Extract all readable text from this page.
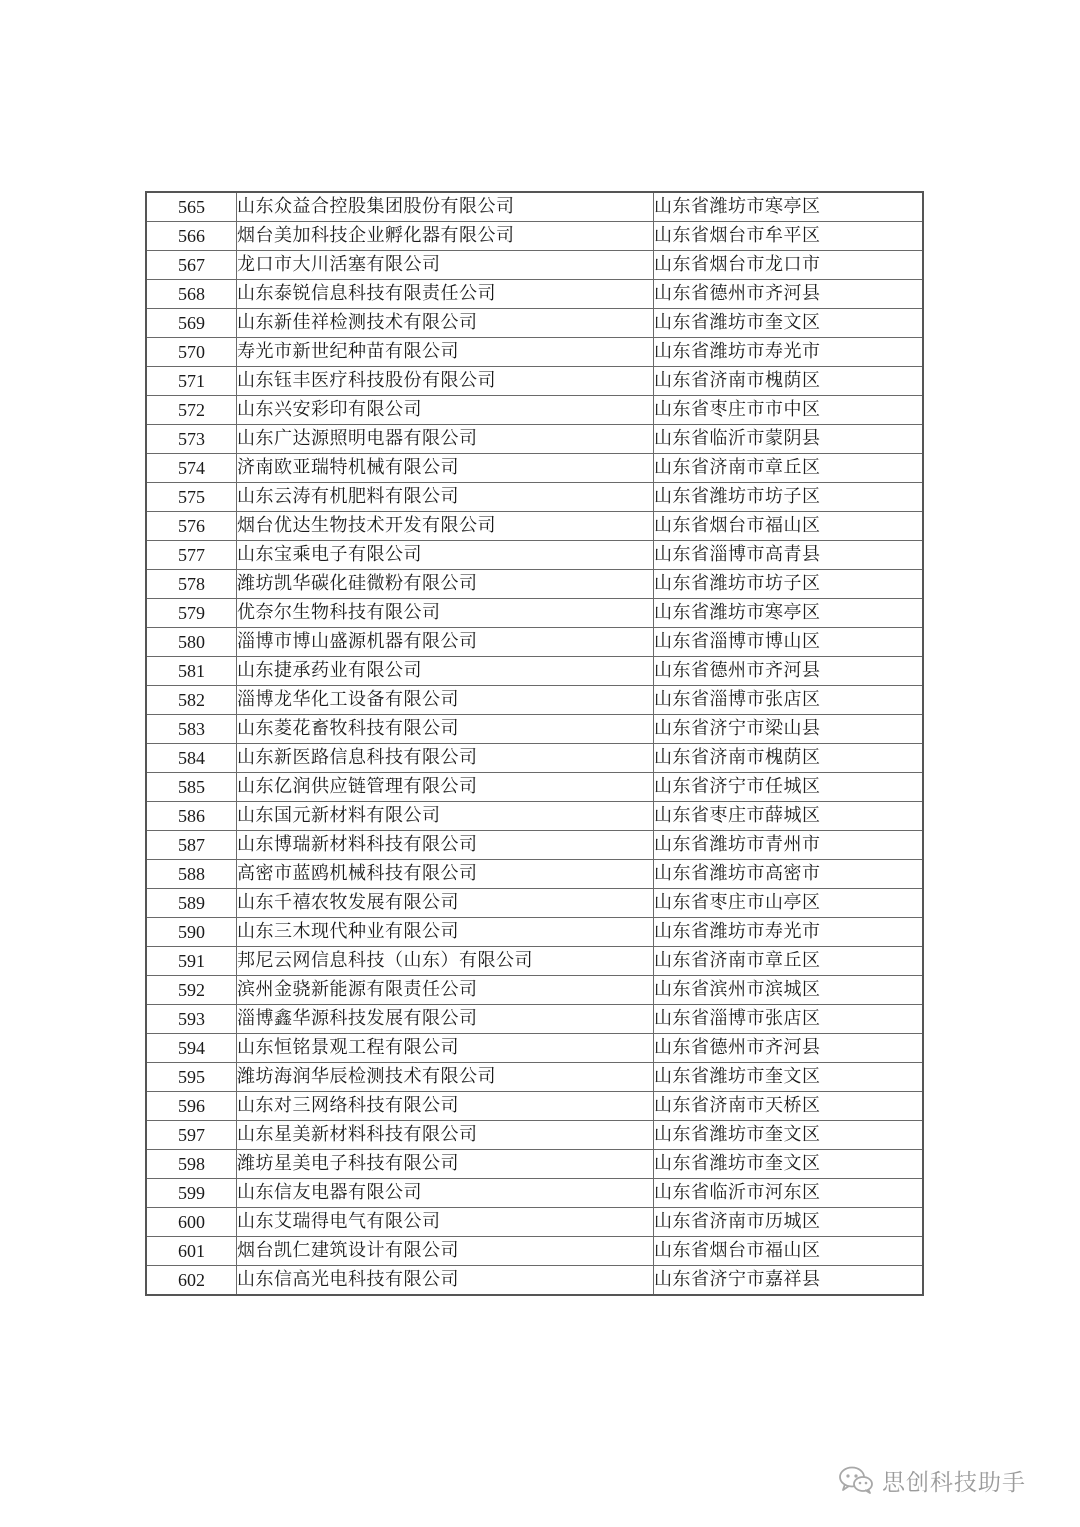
565	山东众益合控股集团股份有限公司	山东省潍坊市寒亭区
566	烟台美加科技企业孵化器有限公司	山东省烟台市牟平区
567	龙口市大川活塞有限公司	山东省烟台市龙口市
568	山东泰锐信息科技有限责任公司	山东省德州市齐河县
569	山东新佳祥检测技术有限公司	山东省潍坊市奎文区
570	寿光市新世纪种苗有限公司	山东省潍坊市寿光市
571	山东钰丰医疗科技股份有限公司	山东省济南市槐荫区
572	山东兴安彩印有限公司	山东省枣庄市市中区
573	山东广达源照明电器有限公司	山东省临沂市蒙阴县
574	济南欧亚瑞特机械有限公司	山东省济南市章丘区
575	山东云涛有机肥料有限公司	山东省潍坊市坊子区
576	烟台优达生物技术开发有限公司	山东省烟台市福山区
577	山东宝乘电子有限公司	山东省淄博市高青县
578	潍坊凯华碳化硅微粉有限公司	山东省潍坊市坊子区
579	优奈尔生物科技有限公司	山东省潍坊市寒亭区
580	淄博市博山盛源机器有限公司	山东省淄博市博山区
581	山东捷承药业有限公司	山东省德州市齐河县
582	淄博龙华化工设备有限公司	山东省淄博市张店区
583	山东菱花畜牧科技有限公司	山东省济宁市梁山县
584	山东新医路信息科技有限公司	山东省济南市槐荫区
585	山东亿润供应链管理有限公司	山东省济宁市任城区
586	山东国元新材料有限公司	山东省枣庄市薛城区
587	山东博瑞新材料科技有限公司	山东省潍坊市青州市
588	高密市蓝鸥机械科技有限公司	山东省潍坊市高密市
589	山东千禧农牧发展有限公司	山东省枣庄市山亭区
590	山东三木现代种业有限公司	山东省潍坊市寿光市
591	邦尼云网信息科技（山东）有限公司	山东省济南市章丘区
592	滨州金骁新能源有限责任公司	山东省滨州市滨城区
593	淄博鑫华源科技发展有限公司	山东省淄博市张店区
594	山东恒铭景观工程有限公司	山东省德州市齐河县
595	潍坊海润华辰检测技术有限公司	山东省潍坊市奎文区
596	山东对三网络科技有限公司	山东省济南市天桥区
597	山东星美新材料科技有限公司	山东省潍坊市奎文区
598	潍坊星美电子科技有限公司	山东省潍坊市奎文区
599	山东信友电器有限公司	山东省临沂市河东区
600	山东艾瑞得电气有限公司	山东省济南市历城区
601	烟台凯仁建筑设计有限公司	山东省烟台市福山区
602	山东信高光电科技有限公司	山东省济宁市嘉祥县
思创科技助手
